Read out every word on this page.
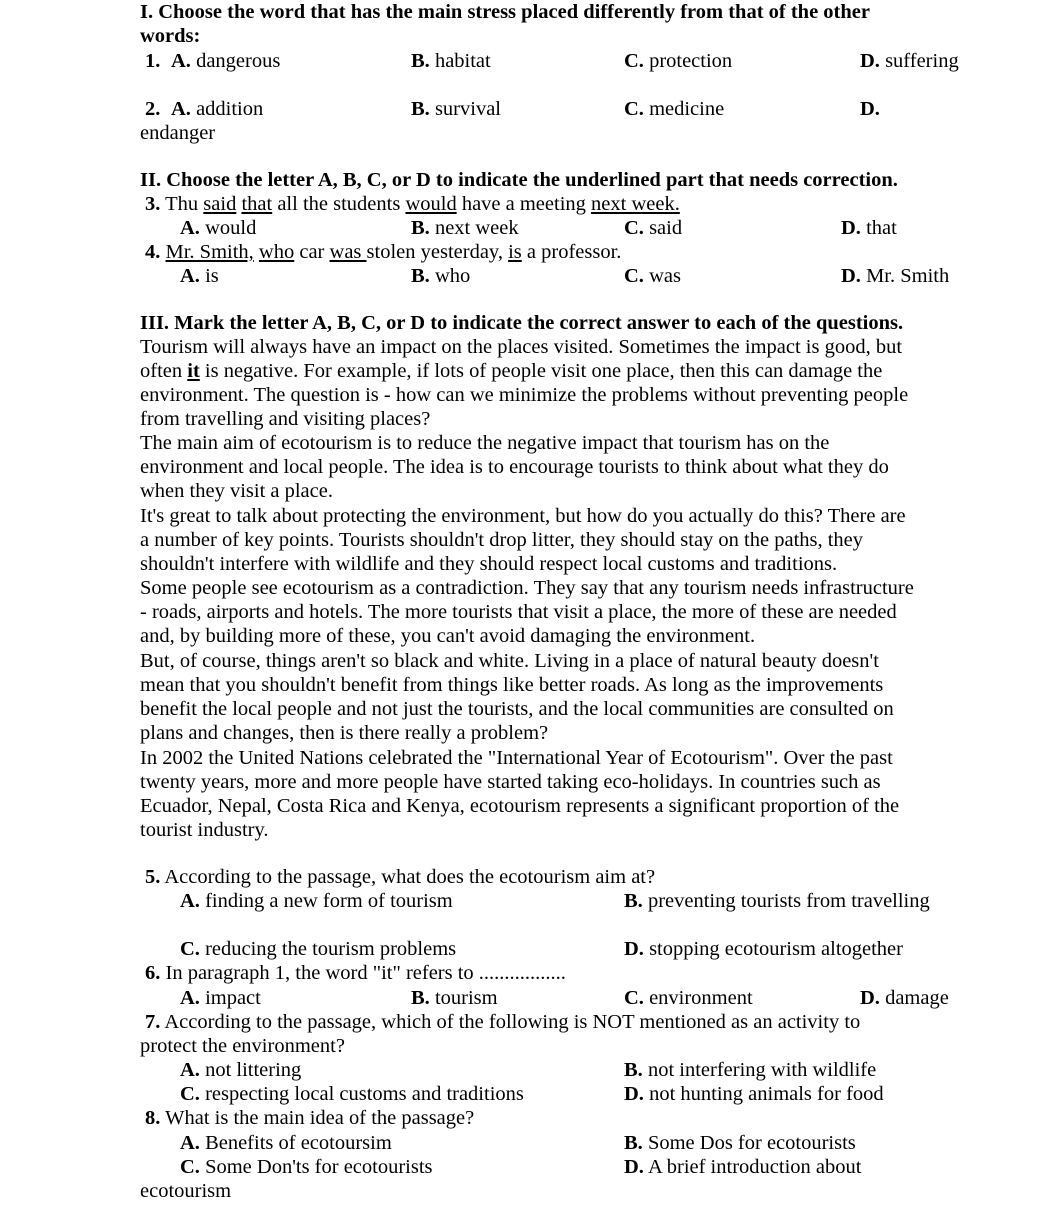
I. Choose the word that has the main stress placed differently from that of the other
words:
1. A. dangerous	B. habitat	C. protection	D. suffering
2. A. addition	B. survival	C. medicine	D.
endanger
II. Choose the letter A, B, C, or D to indicate the underlined part that needs correction.
3. Thu said that all the students would have a meeting next week.
A. would	B. next week	C. said	D. that
4. Mr. Smith, who car was stolen yesterday, is a professor.
A. is	B. who	C. was	D. Mr. Smith
III. Mark the letter A, B, C, or D to indicate the correct answer to each of the questions.
Tourism will always have an impact on the places visited. Sometimes the impact is good, but
often it is negative. For example, if lots of people visit one place, then this can damage the
environment. The question is - how can we minimize the problems without preventing people
from travelling and visiting places?
The main aim of ecotourism is to reduce the negative impact that tourism has on the
environment and local people. The idea is to encourage tourists to think about what they do
when they visit a place.
It's great to talk about protecting the environment, but how do you actually do this? There are
a number of key points. Tourists shouldn't drop litter, they should stay on the paths, they
shouldn't interfere with wildlife and they should respect local customs and traditions.
Some people see ecotourism as a contradiction. They say that any tourism needs infrastructure
- roads, airports and hotels. The more tourists that visit a place, the more of these are needed
and, by building more of these, you can't avoid damaging the environment.
But, of course, things aren't so black and white. Living in a place of natural beauty doesn't
mean that you shouldn't benefit from things like better roads. As long as the improvements
benefit the local people and not just the tourists, and the local communities are consulted on
plans and changes, then is there really a problem?
In 2002 the United Nations celebrated the "International Year of Ecotourism". Over the past
twenty years, more and more people have started taking eco-holidays. In countries such as
Ecuador, Nepal, Costa Rica and Kenya, ecotourism represents a significant proportion of the
tourist industry.
5. According to the passage, what does the ecotourism aim at?
A. finding a new form of tourism	B. preventing tourists from travelling
C. reducing the tourism problems	D. stopping ecotourism altogether
6. In paragraph 1, the word "it" refers to .................
A. impact	B. tourism	C. environment	D. damage
7. According to the passage, which of the following is NOT mentioned as an activity to
protect the environment?
A. not littering	B. not interfering with wildlife
C. respecting local customs and traditions	D. not hunting animals for food
8. What is the main idea of the passage?
A. Benefits of ecotoursim	B. Some Dos for ecotourists
C. Some Don'ts for ecotourists	D. A brief introduction about
ecotourism
